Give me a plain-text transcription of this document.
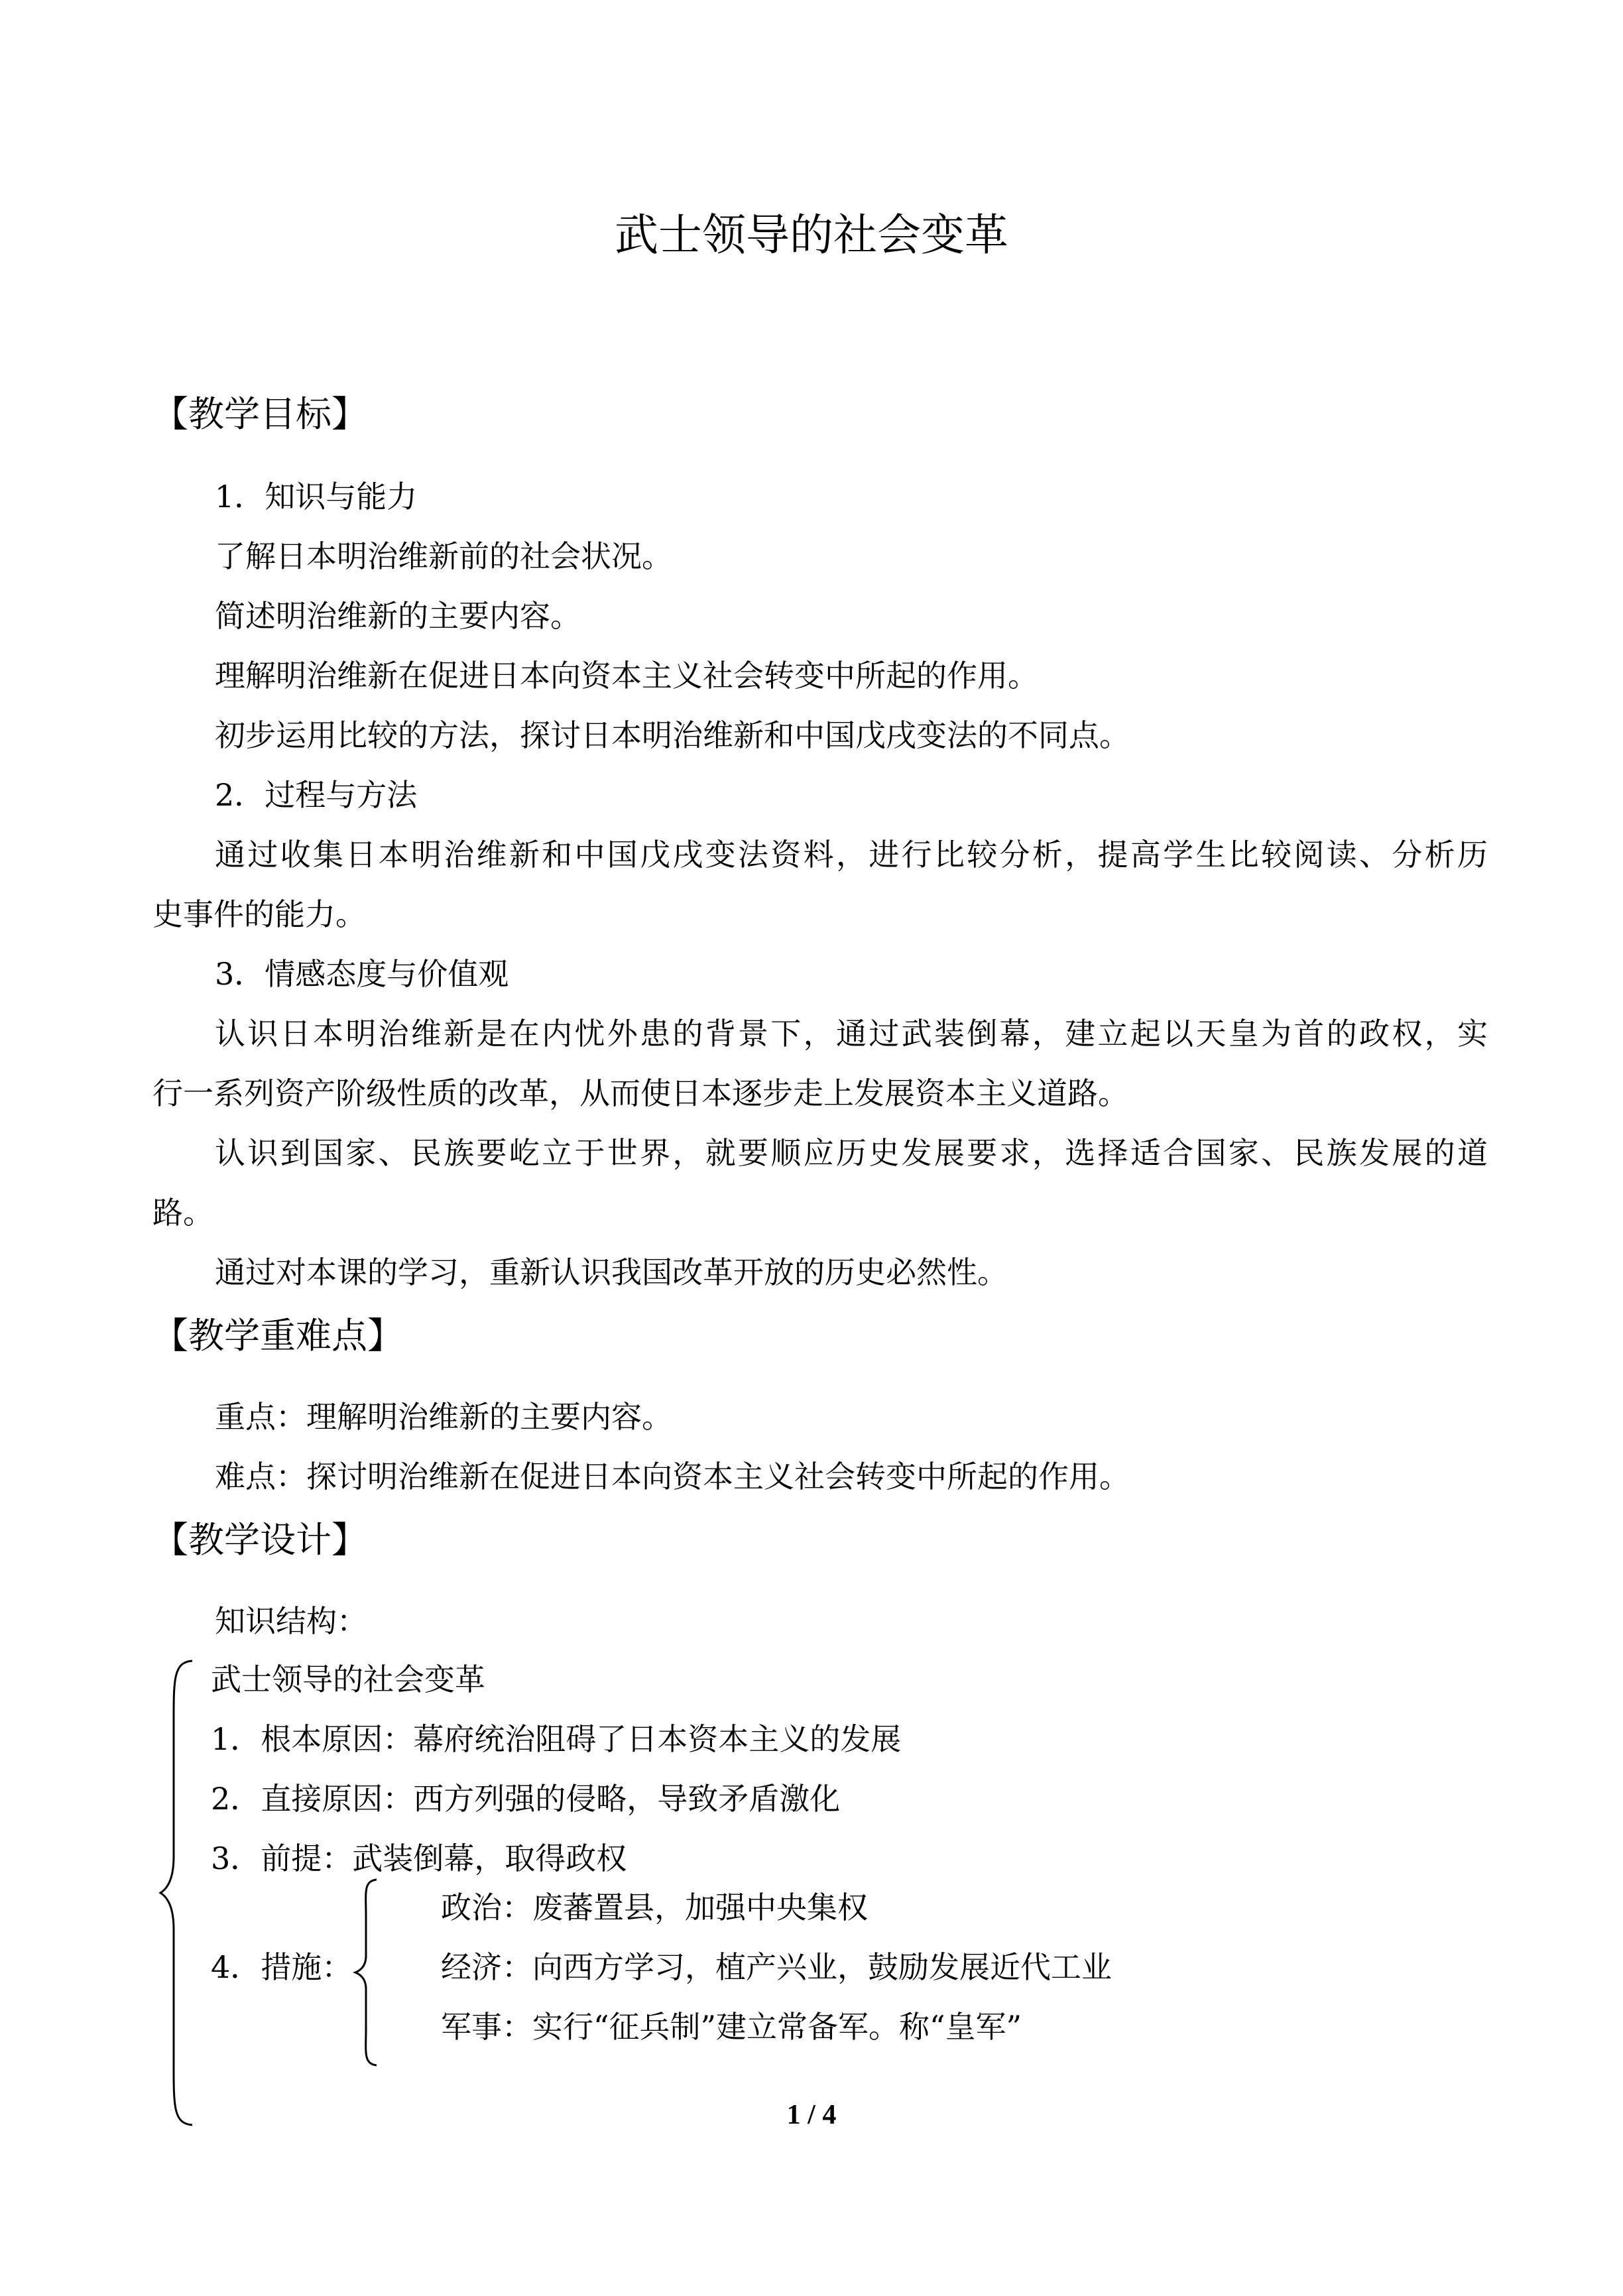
武士领导的社会变革
【教学目标】
1．知识与能力
了解日本明治维新前的社会状况。
简述明治维新的主要内容。
理解明治维新在促进日本向资本主义社会转变中所起的作用。
初步运用比较的方法，探讨日本明治维新和中国戊戌变法的不同点。
2．过程与方法
通过收集日本明治维新和中国戊戌变法资料，进行比较分析，提高学生比较阅读、分析历
史事件的能力。
3．情感态度与价值观
认识日本明治维新是在内忧外患的背景下，通过武装倒幕，建立起以天皇为首的政权，实
行一系列资产阶级性质的改革，从而使日本逐步走上发展资本主义道路。
认识到国家、民族要屹立于世界，就要顺应历史发展要求，选择适合国家、民族发展的道
路。
通过对本课的学习，重新认识我国改革开放的历史必然性。
【教学重难点】
重点：理解明治维新的主要内容。
难点：探讨明治维新在促进日本向资本主义社会转变中所起的作用。
【教学设计】
知识结构：
武士领导的社会变革
1．根本原因：幕府统治阻碍了日本资本主义的发展
2．直接原因：西方列强的侵略，导致矛盾激化
3．前提：武装倒幕，取得政权
4．措施：
政治：废蕃置县，加强中央集权
经济：向西方学习，植产兴业，鼓励发展近代工业
军事：实行“征兵制”建立常备军。称“皇军”
1 / 4
